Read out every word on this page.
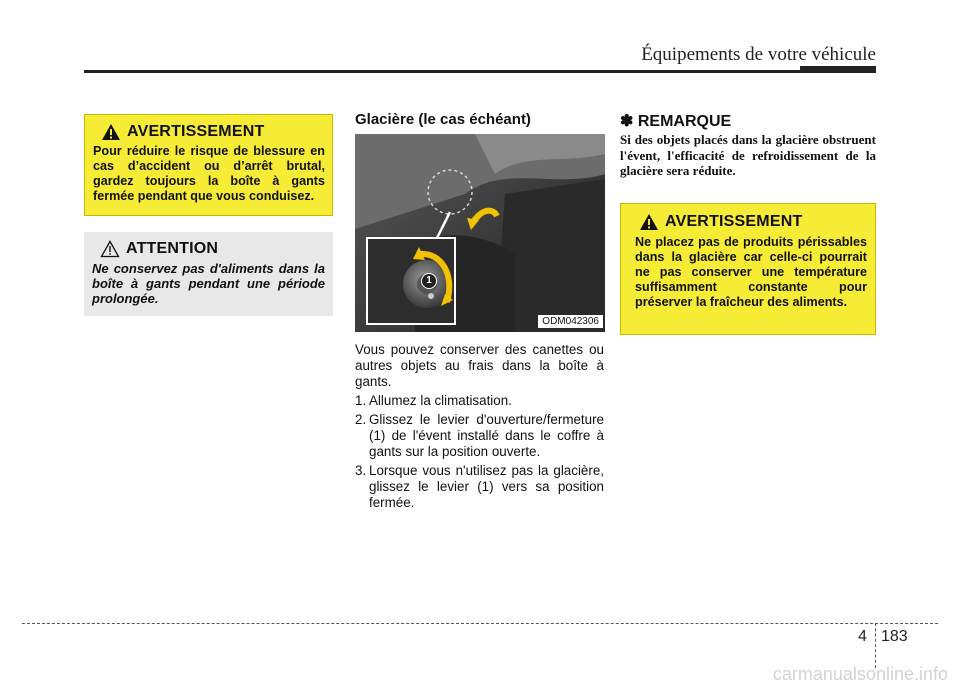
Équipements de votre véhicule
AVERTISSEMENT
Pour réduire le risque de blessure en cas d’accident ou d’arrêt brutal, gardez toujours la boîte à gants fermée pendant que vous conduisez.
ATTENTION
Ne conservez pas d'aliments dans la boîte à gants pendant une période prolongée.
Glacière (le cas échéant)
1
ODM042306

Vous pouvez conserver des canettes ou autres objets au frais dans la boîte à gants.

1. Allumez la climatisation.
2. Glissez le levier d'ouverture/fermeture (1) de l'évent installé dans le coffre à gants sur la position ouverte.
3. Lorsque vous n'utilisez pas la glacière, glissez le levier (1) vers sa position fermée.
✽ REMARQUE
Si des objets placés dans la glacière obstruent l'évent, l'efficacité de refroidissement de la glacière sera réduite.
AVERTISSEMENT
Ne placez pas de produits périssables dans la glacière car celle-ci pourrait ne pas conserver une température suffisamment constante pour préserver la fraîcheur des aliments.
4 183
carmanualsonline.info
